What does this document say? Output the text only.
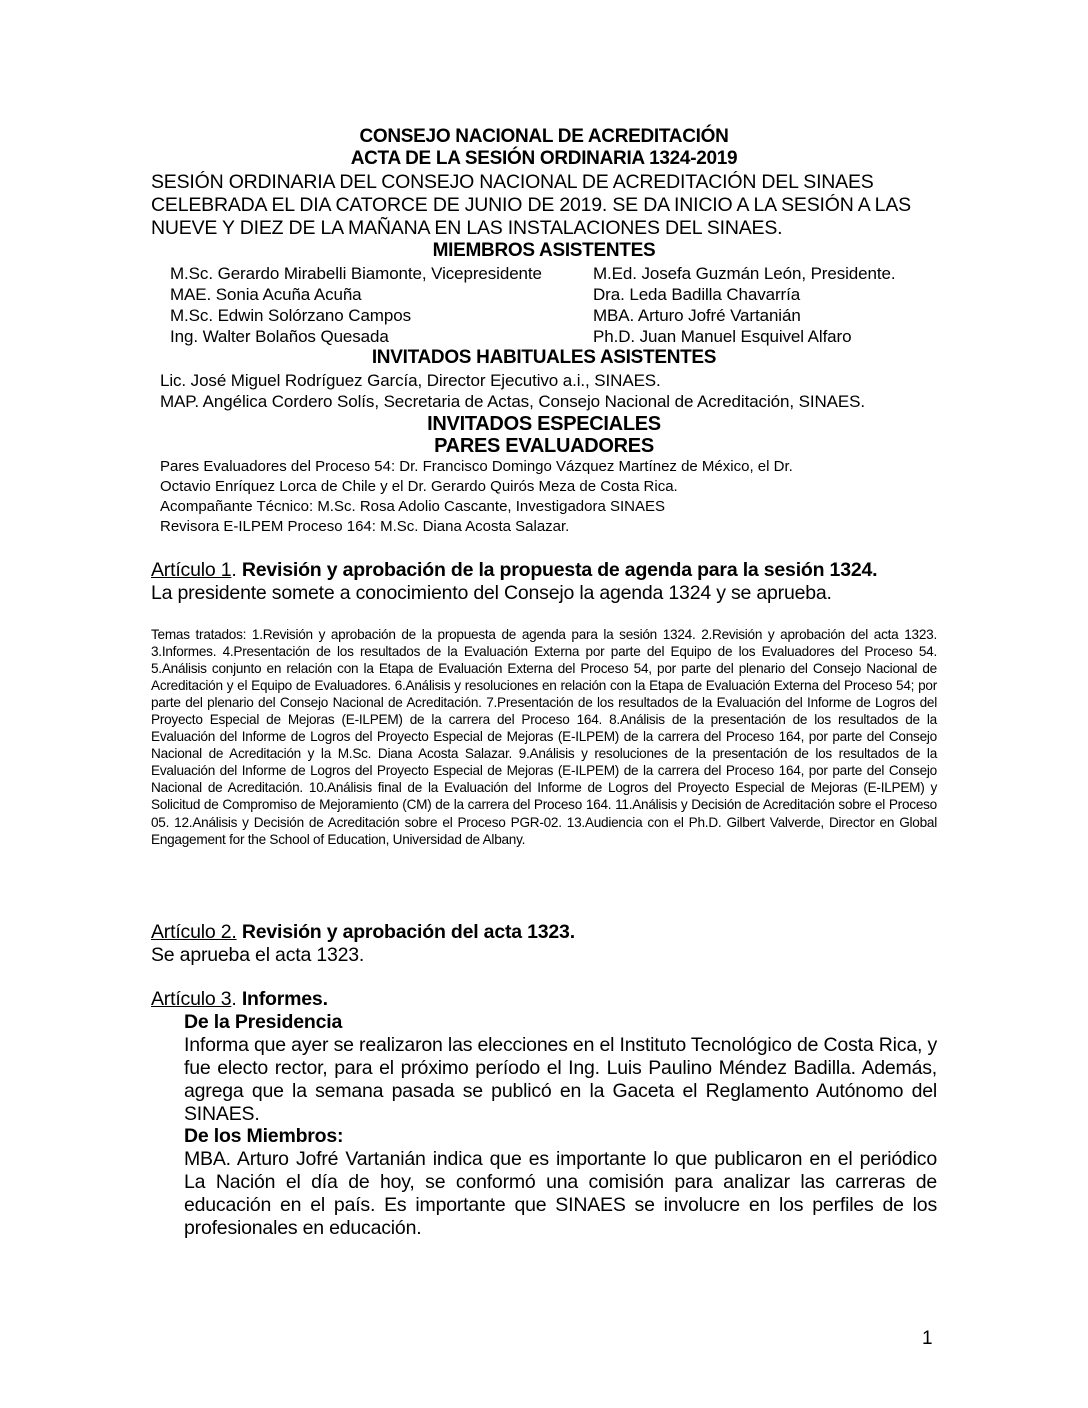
CONSEJO NACIONAL DE ACREDITACIÓN
ACTA DE LA SESIÓN ORDINARIA 1324-2019
SESIÓN ORDINARIA DEL CONSEJO NACIONAL DE ACREDITACIÓN DEL SINAES
CELEBRADA EL DIA CATORCE DE JUNIO DE 2019. SE DA INICIO A LA SESIÓN A LAS
NUEVE Y DIEZ DE LA MAÑANA EN LAS INSTALACIONES DEL SINAES.
MIEMBROS ASISTENTES
M.Sc. Gerardo Mirabelli Biamonte, Vicepresidente
MAE. Sonia Acuña Acuña
M.Sc. Edwin Solórzano Campos
Ing. Walter Bolaños Quesada
M.Ed. Josefa Guzmán León, Presidente.
Dra. Leda Badilla Chavarría
MBA. Arturo Jofré Vartanián
Ph.D. Juan Manuel Esquivel Alfaro
INVITADOS HABITUALES ASISTENTES
Lic. José Miguel Rodríguez García, Director Ejecutivo a.i., SINAES.
MAP. Angélica Cordero Solís, Secretaria de Actas, Consejo Nacional de Acreditación, SINAES.
INVITADOS ESPECIALES
PARES EVALUADORES
Pares Evaluadores del Proceso 54: Dr. Francisco Domingo Vázquez Martínez de México, el Dr.
Octavio Enríquez Lorca de Chile y el Dr. Gerardo Quirós Meza de Costa Rica.
Acompañante Técnico: M.Sc. Rosa Adolio Cascante, Investigadora SINAES
Revisora E-ILPEM Proceso 164: M.Sc. Diana Acosta Salazar.
Artículo 1. Revisión y aprobación de la propuesta de agenda para la sesión 1324.
La presidente somete a conocimiento del Consejo la agenda 1324 y se aprueba.
Temas tratados: 1.Revisión y aprobación de la propuesta de agenda para la sesión 1324. 2.Revisión y aprobación del acta 1323. 3.Informes. 4.Presentación de los resultados de la Evaluación Externa por parte del Equipo de los Evaluadores del Proceso 54. 5.Análisis conjunto en relación con la Etapa de Evaluación Externa del Proceso 54, por parte del plenario del Consejo Nacional de Acreditación y el Equipo de Evaluadores. 6.Análisis y resoluciones en relación con la Etapa de Evaluación Externa del Proceso 54; por parte del plenario del Consejo Nacional de Acreditación. 7.Presentación de los resultados de la Evaluación del Informe de Logros del Proyecto Especial de Mejoras (E-ILPEM) de la carrera del Proceso 164. 8.Análisis de la presentación de los resultados de la Evaluación del Informe de Logros del Proyecto Especial de Mejoras (E-ILPEM) de la carrera del Proceso 164, por parte del Consejo Nacional de Acreditación y la M.Sc. Diana Acosta Salazar. 9.Análisis y resoluciones de la presentación de los resultados de la Evaluación del Informe de Logros del Proyecto Especial de Mejoras (E-ILPEM) de la carrera del Proceso 164, por parte del Consejo Nacional de Acreditación. 10.Análisis final de la Evaluación del Informe de Logros del Proyecto Especial de Mejoras (E-ILPEM) y Solicitud de Compromiso de Mejoramiento (CM) de la carrera del Proceso 164. 11.Análisis y Decisión de Acreditación sobre el Proceso 05. 12.Análisis y Decisión de Acreditación sobre el Proceso PGR-02. 13.Audiencia con el Ph.D. Gilbert Valverde, Director en Global Engagement for the School of Education, Universidad de Albany.
Artículo 2. Revisión y aprobación del acta 1323.
Se aprueba el acta 1323.
Artículo 3. Informes.
De la Presidencia
Informa que ayer se realizaron las elecciones en el Instituto Tecnológico de Costa Rica, y fue electo rector, para el próximo período el Ing. Luis Paulino Méndez Badilla. Además, agrega que la semana pasada se publicó en la Gaceta el Reglamento Autónomo del SINAES.
De los Miembros:
MBA. Arturo Jofré Vartanián indica que es importante lo que publicaron en el periódico La Nación el día de hoy, se conformó una comisión para analizar las carreras de educación en el país. Es importante que SINAES se involucre en los perfiles de los profesionales en educación.
1
